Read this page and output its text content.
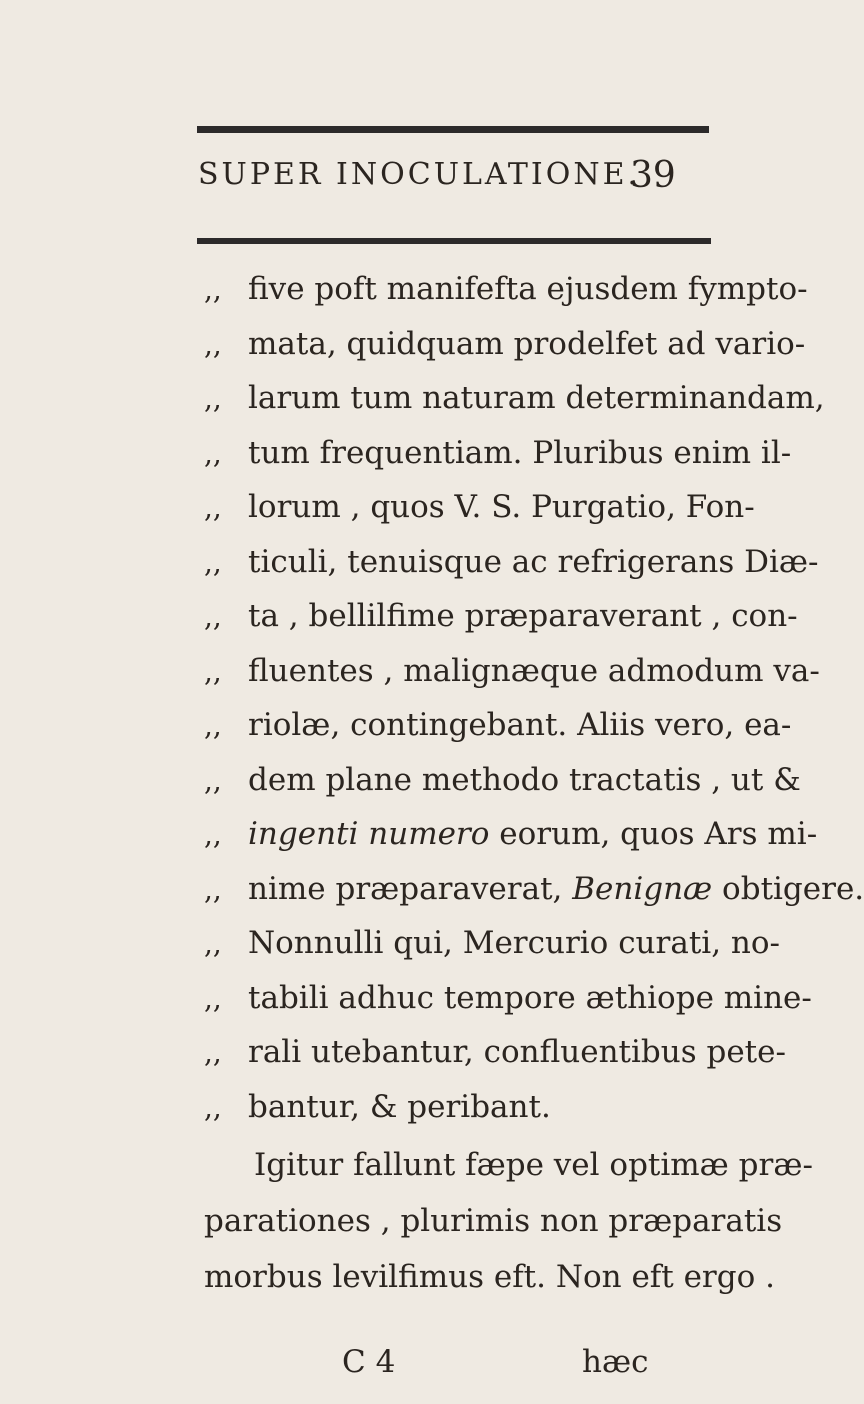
SUPER INOCULATIONE.
39
,, five poft manifefta ejusdem fympto-
,, mata, quidquam prodelfet ad vario-
,, larum tum naturam determinandam,
,, tum frequentiam. Pluribus enim il-
,, lorum , quos V. S. Purgatio, Fon-
,, ticuli, tenuisque ac refrigerans Diæ-
,, ta , bellilfime præparaverant , con-
,, fluentes , malignæque admodum va-
,, riolæ, contingebant. Aliis vero, ea-
,, dem plane methodo tractatis , ut &
,, ingenti numero eorum, quos Ars mi-
,, nime præparaverat, Benignæ obtigere.
,, Nonnulli qui, Mercurio curati, no-
,, tabili adhuc tempore æthiope mine-
,, rali utebantur, confluentibus pete-
,, bantur, & peribant.
Igitur fallunt fæpe vel optimæ præ-
parationes , plurimis non præparatis
morbus levilfimus eft. Non eft ergo .
C 4	hæc
